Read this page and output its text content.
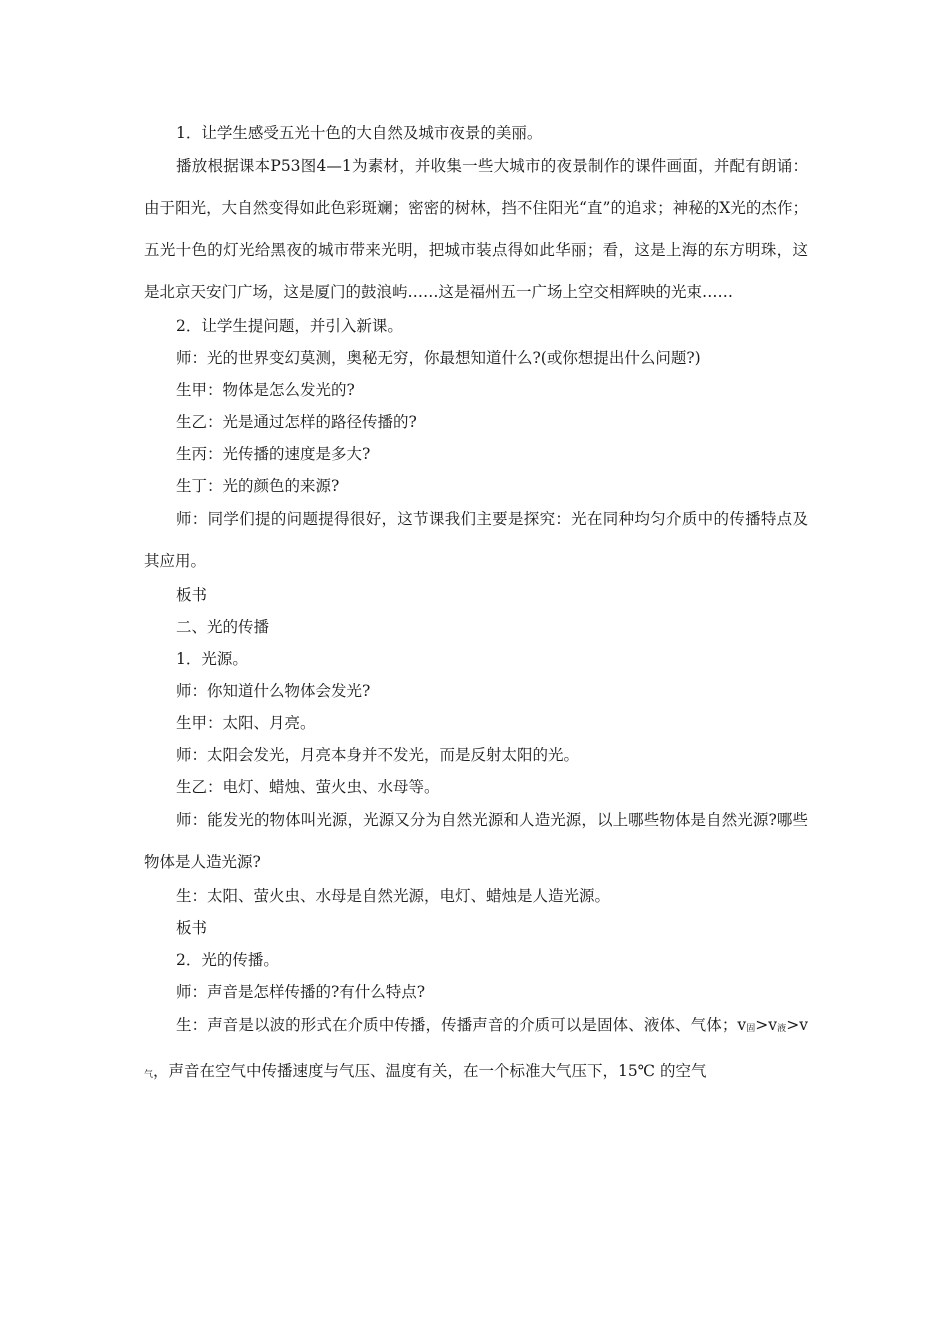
1．让学生感受五光十色的大自然及城市夜景的美丽。

播放根据课本P53图4—1为素材，并收集一些大城市的夜景制作的课件画面，并配有朗诵：由于阳光，大自然变得如此色彩斑斓；密密的树林，挡不住阳光“直”的追求；神秘的X光的杰作；五光十色的灯光给黑夜的城市带来光明，把城市装点得如此华丽；看，这是上海的东方明珠，这是北京天安门广场，这是厦门的鼓浪屿……这是福州五一广场上空交相辉映的光束……

2．让学生提问题，并引入新课。

师：光的世界变幻莫测，奥秘无穷，你最想知道什么?(或你想提出什么问题?)

生甲：物体是怎么发光的?

生乙：光是通过怎样的路径传播的?

生丙：光传播的速度是多大?

生丁：光的颜色的来源?

师：同学们提的问题提得很好，这节课我们主要是探究：光在同种均匀介质中的传播特点及其应用。

板书

二、光的传播

1．光源。

师：你知道什么物体会发光?

生甲：太阳、月亮。

师：太阳会发光，月亮本身并不发光，而是反射太阳的光。

生乙：电灯、蜡烛、萤火虫、水母等。

师：能发光的物体叫光源，光源又分为自然光源和人造光源，以上哪些物体是自然光源?哪些物体是人造光源?

生：太阳、萤火虫、水母是自然光源，电灯、蜡烛是人造光源。

板书

2．光的传播。

师：声音是怎样传播的?有什么特点?

生：声音是以波的形式在介质中传播，传播声音的介质可以是固体、液体、气体；v固>v液>v气，声音在空气中传播速度与气压、温度有关，在一个标准大气压下，15℃ 的空气
